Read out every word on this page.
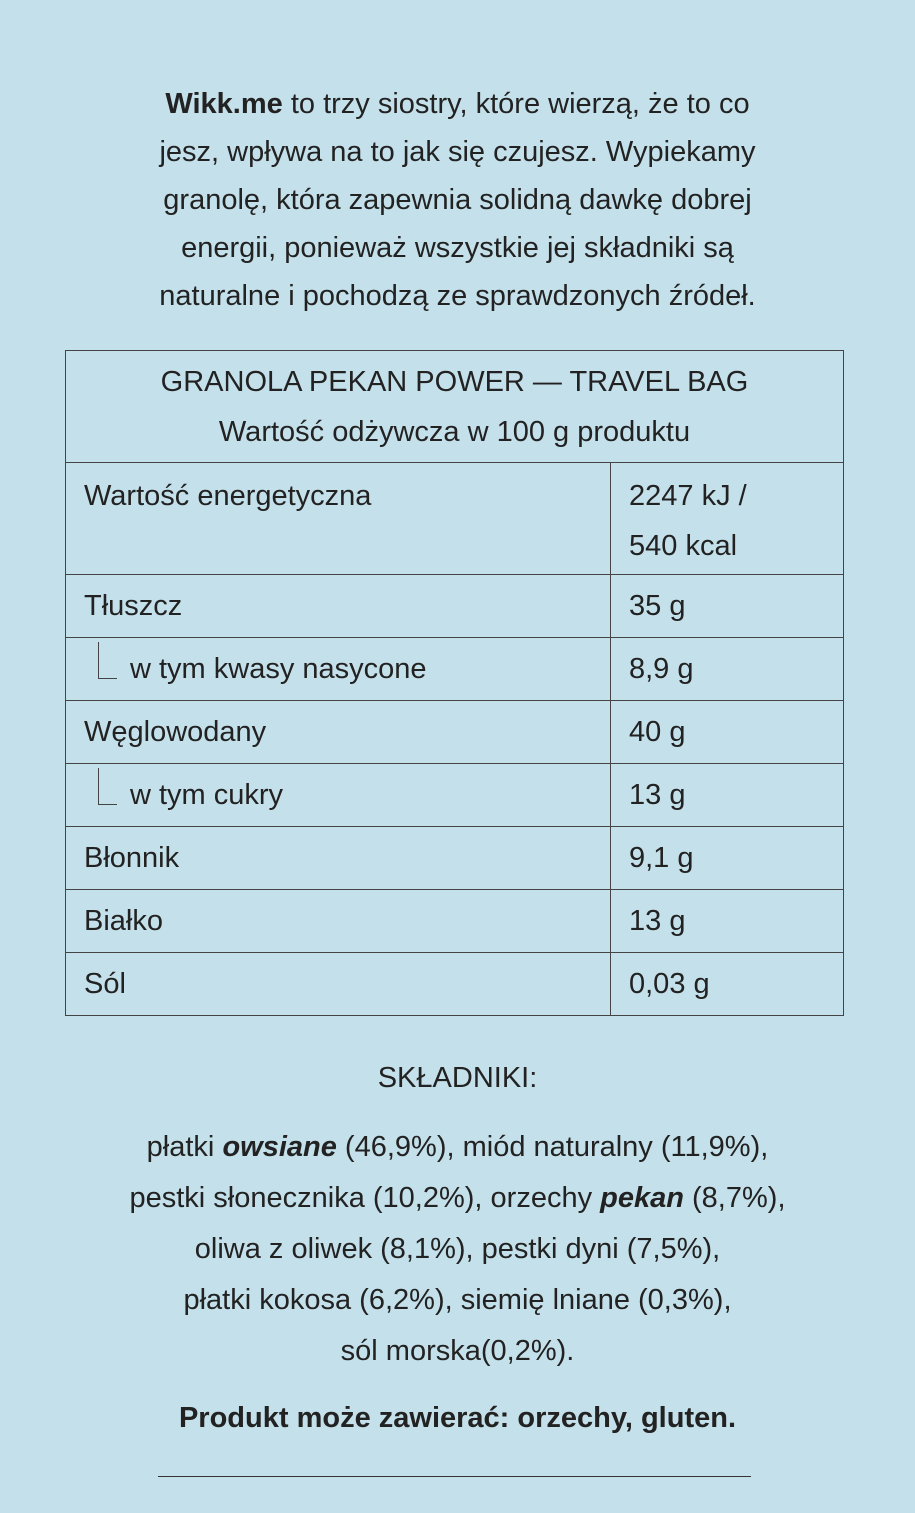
Wikk.me to trzy siostry, które wierzą, że to co
jesz, wpływa na to jak się czujesz. Wypiekamy
granolę, która zapewnia solidną dawkę dobrej
energii, ponieważ wszystkie jej składniki są
naturalne i pochodzą ze sprawdzonych źródeł.
GRANOLA PEKAN POWER — TRAVEL BAG
Wartość odżywcza w 100 g produktu	

Wartość energetyczna	2247 kJ /
540 kcal

Tłuszcz	35 g

w tym kwasy nasycone	8,9 g
Węglowodany	40 g

w tym cukry	13 g
Błonnik	9,1 g
Białko	13 g
Sól	0,03 g
SKŁADNIKI:
płatki owsiane (46,9%), miód naturalny (11,9%),
pestki słonecznika (10,2%), orzechy pekan (8,7%),
oliwa z oliwek (8,1%), pestki dyni (7,5%),
płatki kokosa (6,2%), siemię lniane (0,3%),
sól morska(0,2%).
Produkt może zawierać: orzechy, gluten.
